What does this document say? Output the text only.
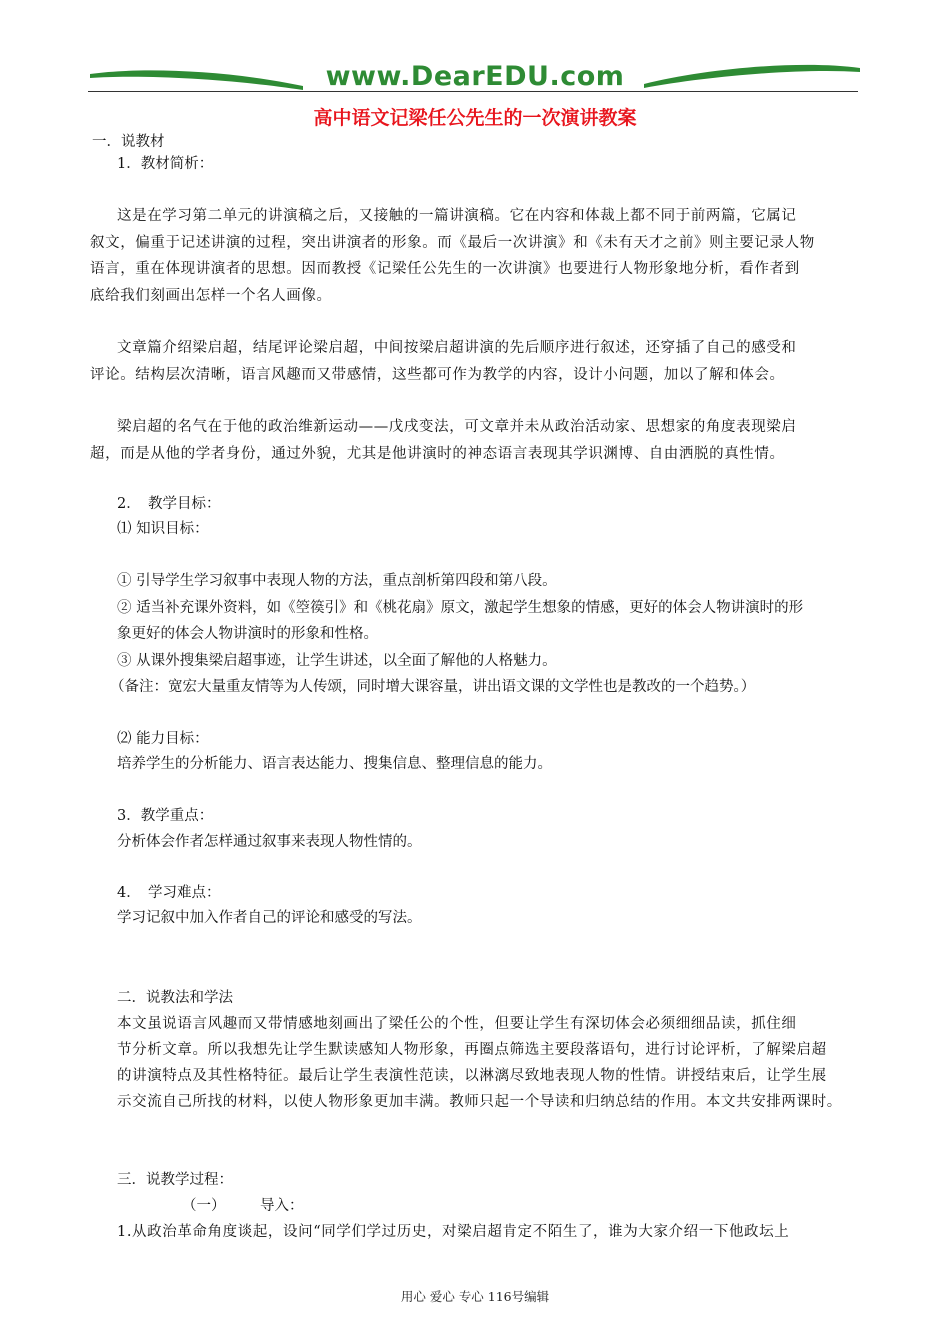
www.DearEDU.com
高中语文记梁任公先生的一次演讲教案
一．说教材
1．教材简析：
这是在学习第二单元的讲演稿之后，又接触的一篇讲演稿。它在内容和体裁上都不同于前两篇，它属记
叙文，偏重于记述讲演的过程，突出讲演者的形象。而《最后一次讲演》和《未有天才之前》则主要记录人物
语言，重在体现讲演者的思想。因而教授《记梁任公先生的一次讲演》也要进行人物形象地分析，看作者到
底给我们刻画出怎样一个名人画像。
文章篇介绍梁启超，结尾评论梁启超，中间按梁启超讲演的先后顺序进行叙述，还穿插了自己的感受和
评论。结构层次清晰，语言风趣而又带感情，这些都可作为教学的内容，设计小问题，加以了解和体会。
梁启超的名气在于他的政治维新运动——戊戌变法，可文章并未从政治活动家、思想家的角度表现梁启
超，而是从他的学者身份，通过外貌，尤其是他讲演时的神态语言表现其学识渊博、自由洒脱的真性情。
2．　教学目标：
⑴ 知识目标：
① 引导学生学习叙事中表现人物的方法，重点剖析第四段和第八段。
② 适当补充课外资料，如《箜篌引》和《桃花扇》原文，激起学生想象的情感，更好的体会人物讲演时的形
象更好的体会人物讲演时的形象和性格。
③ 从课外搜集梁启超事迹，让学生讲述，以全面了解他的人格魅力。
（备注：宽宏大量重友情等为人传颂，同时增大课容量，讲出语文课的文学性也是教改的一个趋势。）
⑵ 能力目标：
培养学生的分析能力、语言表达能力、搜集信息、整理信息的能力。
3．教学重点：
分析体会作者怎样通过叙事来表现人物性情的。
4．　学习难点：
学习记叙中加入作者自己的评论和感受的写法。
二．说教法和学法
本文虽说语言风趣而又带情感地刻画出了梁任公的个性，但要让学生有深切体会必须细细品读，抓住细
节分析文章。所以我想先让学生默读感知人物形象，再圈点筛选主要段落语句，进行讨论评析，了解梁启超
的讲演特点及其性格特征。最后让学生表演性范读，以淋漓尽致地表现人物的性情。讲授结束后，让学生展
示交流自己所找的材料，以使人物形象更加丰满。教师只起一个导读和归纳总结的作用。本文共安排两课时。
三．说教学过程：
（一） 导入：
1.从政治革命角度谈起，设问“同学们学过历史，对梁启超肯定不陌生了，谁为大家介绍一下他政坛上
用心 爱心 专心 116号编辑
